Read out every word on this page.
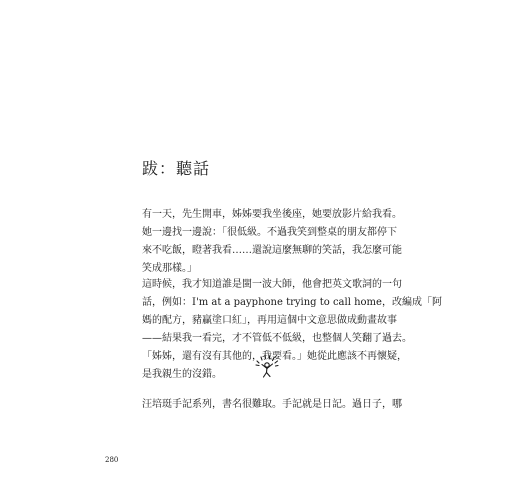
跋：聽話
有一天，先生開車，姊姊要我坐後座，她要放影片給我看。
她一邊找一邊說：「很低級。不過我笑到整桌的朋友都停下
來不吃飯，瞪著我看……還說這麼無聊的笑話，我怎麼可能
笑成那樣。」
這時候，我才知道誰是閩一波大師，他會把英文歌詞的一句
話，例如：I'm at a payphone trying to call home，改編成「阿
媽的配方，豬贏塗口紅」，再用這個中文意思做成動畫故事
——結果我一看完，才不管低不低級，也整個人笑翻了過去。
「姊姊，還有沒有其他的，我要看。」她從此應該不再懷疑，
是我親生的沒錯。
汪培珽手記系列，書名很難取。手記就是日記。過日子，哪
280
